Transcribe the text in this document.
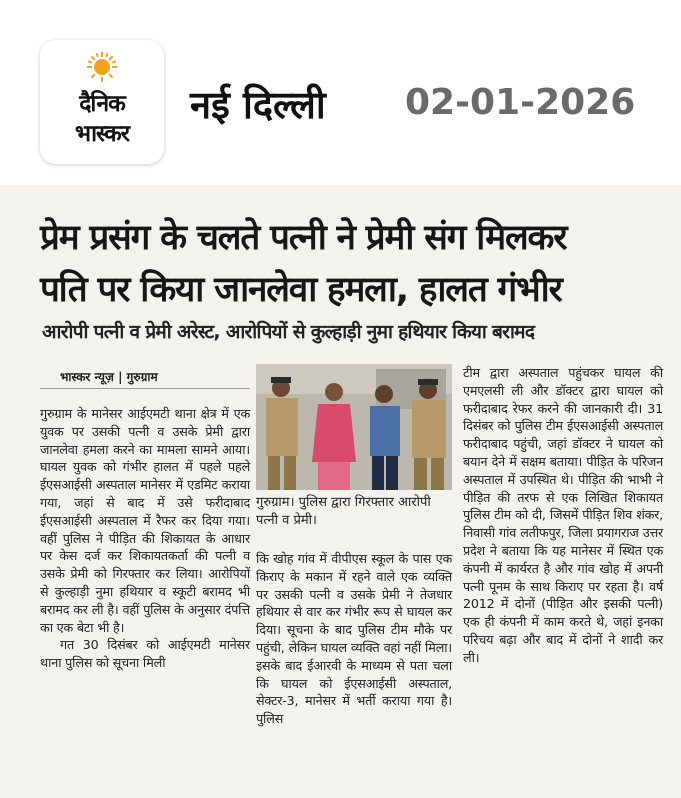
दैनिक
भास्कर
नई दिल्ली 02-01-2026
प्रेम प्रसंग के चलते पत्नी ने प्रेमी संग मिलकर
पति पर किया जानलेवा हमला, हालत गंभीर
आरोपी पत्नी व प्रेमी अरेस्ट, आरोपियों से कुल्हाड़ी नुमा हथियार किया बरामद
भास्कर न्यूज़ | गुरुग्राम

गुरुग्राम के मानेसर आईएमटी थाना क्षेत्र में एक युवक पर उसकी पत्नी व उसके प्रेमी द्वारा जानलेवा हमला करने का मामला सामने आया। घायल युवक को गंभीर हालत में पहले पहले ईएसआईसी अस्पताल मानेसर में एडमिट कराया गया, जहां से बाद में उसे फरीदाबाद ईएसआईसी अस्पताल में रैफर कर दिया गया। वहीं पुलिस ने पीड़ित की शिकायत के आधार पर केस दर्ज कर शिकायतकर्ता की पत्नी व उसके प्रेमी को गिरफ्तार कर लिया। आरोपियों से कुल्हाड़ी नुमा हथियार व स्कूटी बरामद भी बरामद कर ली है। वहीं पुलिस के अनुसार दंपत्ति का एक बेटा भी है।

गत 30 दिसंबर को आईएमटी मानेसर थाना पुलिस को सूचना मिली

गुरुग्राम। पुलिस द्वारा गिरफ्तार आरोपी पत्नी व प्रेमी।

कि खोह गांव में वीपीएस स्कूल के पास एक किराए के मकान में रहने वाले एक व्यक्ति पर उसकी पत्नी व उसके प्रेमी ने तेजधार हथियार से वार कर गंभीर रूप से घायल कर दिया। सूचना के बाद पुलिस टीम मौके पर पहुंची, लेकिन घायल व्यक्ति वहां नहीं मिला। इसके बाद ईआरवी के माध्यम से पता चला कि घायल को ईएसआईसी अस्पताल, सेक्टर-3, मानेसर में भर्ती कराया गया है। पुलिस

टीम द्वारा अस्पताल पहुंचकर घायल की एमएलसी ली और डॉक्टर द्वारा घायल को फरीदाबाद रेफर करने की जानकारी दी। 31 दिसंबर को पुलिस टीम ईएसआईसी अस्पताल फरीदाबाद पहुंची, जहां डॉक्टर ने घायल को बयान देने में सक्षम बताया। पीड़ित के परिजन अस्पताल में उपस्थित थे। पीड़ित की भाभी ने पीड़ित की तरफ से एक लिखित शिकायत पुलिस टीम को दी, जिसमें पीड़ित शिव शंकर, निवासी गांव लतीफपुर, जिला प्रयागराज उत्तर प्रदेश ने बताया कि यह मानेसर में स्थित एक कंपनी में कार्यरत है और गांव खोह में अपनी पत्नी पूनम के साथ किराए पर रहता है। वर्ष 2012 में दोनों (पीड़ित और इसकी पत्नी) एक ही कंपनी में काम करते थे, जहां इनका परिचय बढ़ा और बाद में दोनों ने शादी कर ली।
